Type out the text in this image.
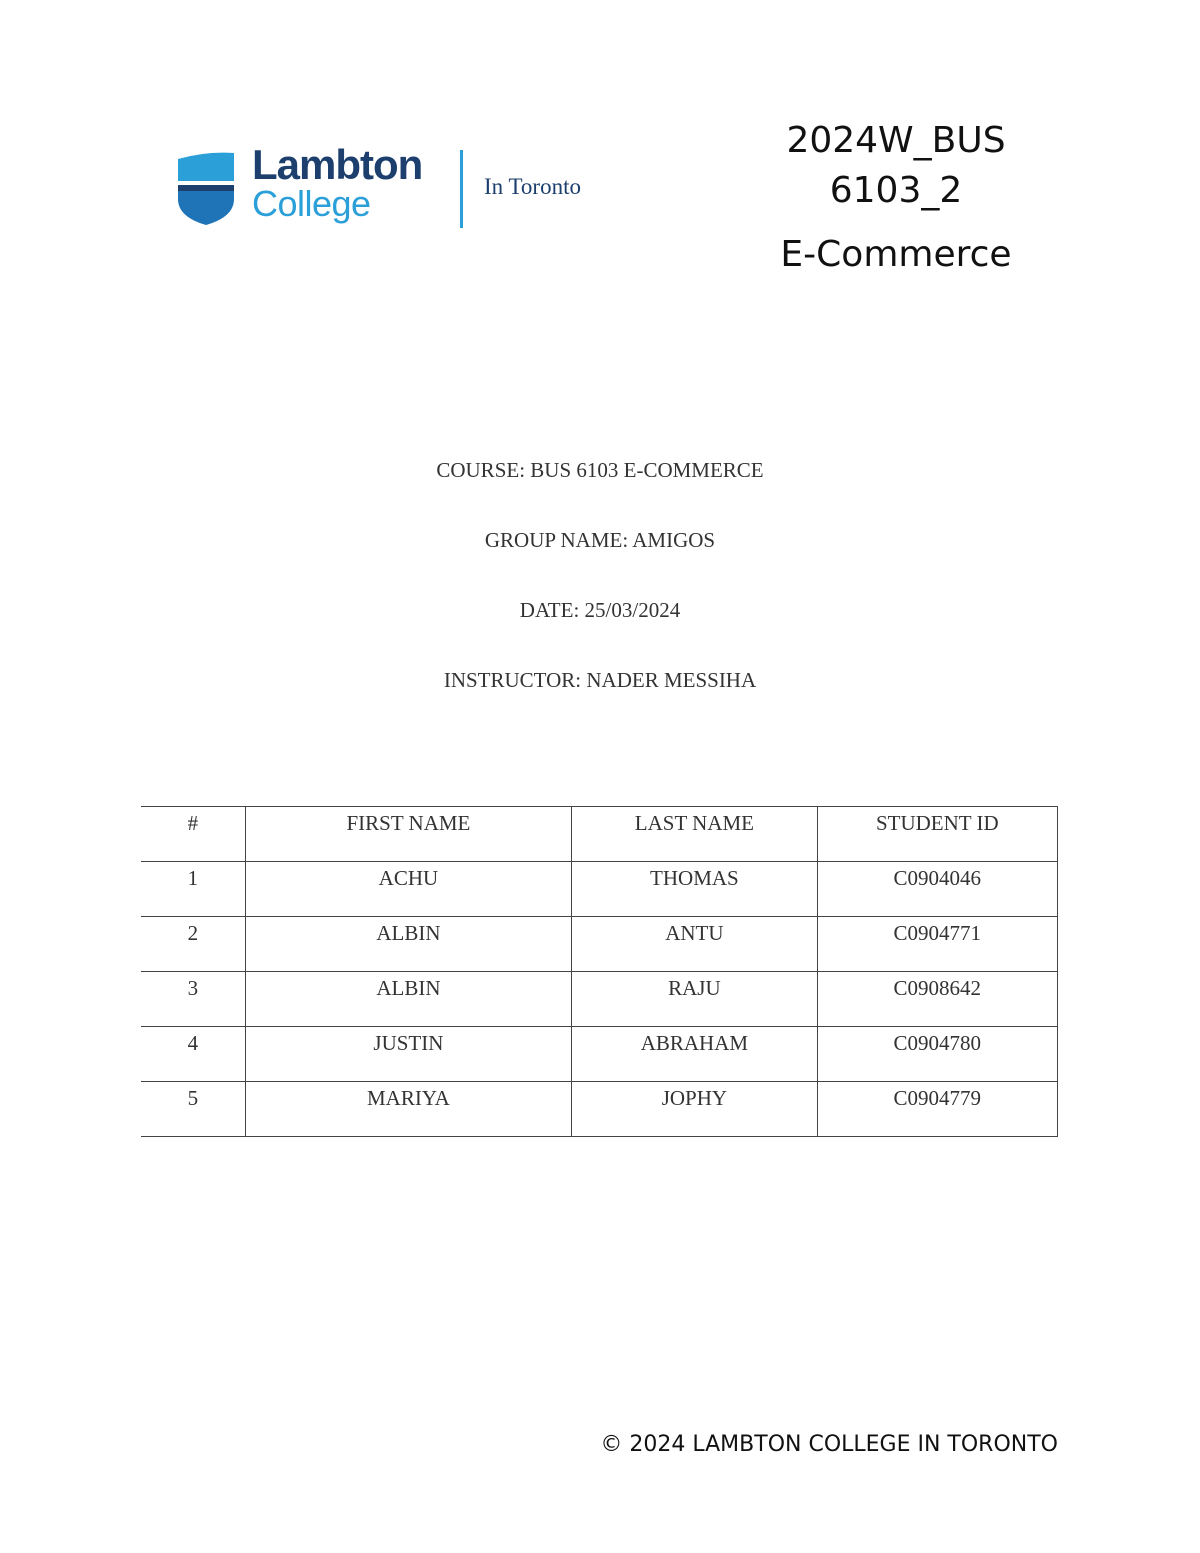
Lambton
College	In Toronto
2024W_BUS
6103_2
E-Commerce
COURSE: BUS 6103 E-COMMERCE
GROUP NAME: AMIGOS
DATE: 25/03/2024
INSTRUCTOR: NADER MESSIHA
#	FIRST NAME	LAST NAME	STUDENT ID
1	ACHU	THOMAS	C0904046
2	ALBIN	ANTU	C0904771
3	ALBIN	RAJU	C0908642
4	JUSTIN	ABRAHAM	C0904780
5	MARIYA	JOPHY	C0904779
© 2024 LAMBTON COLLEGE IN TORONTO
